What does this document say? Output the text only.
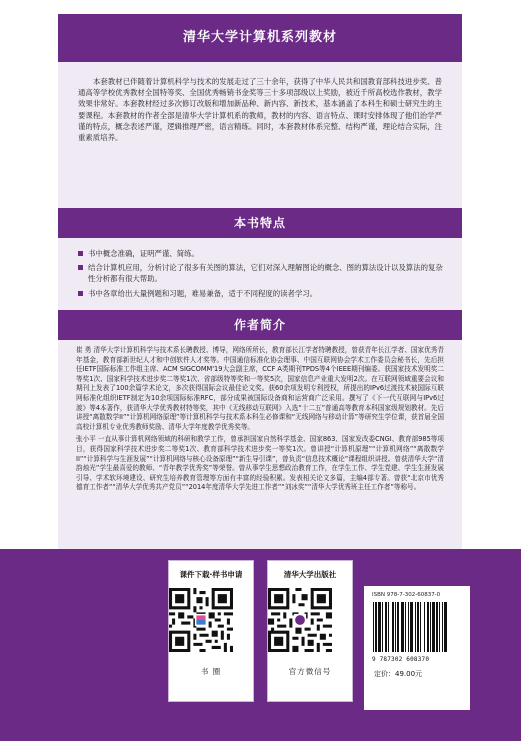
清华大学计算机系列教材
本套教材已伴随着计算机科学与技术的发展走过了三十余年，获得了中华人民共和国教育部科技进步奖、普通高等学校优秀教材全国特等奖、全国优秀畅销书金奖等三十多项部级以上奖励，被近千所高校选作教材，教学效果非常好。本套教材经过多次修订改版和增加新品种、新内容、新技术，基本涵盖了本科生和硕士研究生的主要课程。本套教材的作者全部是清华大学计算机系的教师，教材的内容、语言特点、课时安排体现了他们治学严谨的特点，概念表述严谨，逻辑推理严密，语言精练。同时，本套教材体系完整、结构严谨，理论结合实际，注重素质培养。
本书特点
书中概念准确，证明严谨、简练。
结合计算机应用，分析讨论了很多有关图的算法，它们对深入理解图论的概念、图的算法设计以及算法的复杂性分析都有很大帮助。
书中各章给出大量例题和习题，难易兼备，适于不同程度的读者学习。
作者简介
崔 勇 清华大学计算机科学与技术系长聘教授、博导，网络所所长，教育部长江学者特聘教授，曾获青年长江学者、国家优秀青年基金，教育部新世纪人才和中创软件人才奖等。中国通信标准化协会理事、中国互联网协会学术工作委员会秘书长，先后担任IETF国际标准工作组主席、ACM SIGCOMM'19大会副主席，CCF A类期刊TPDS等4个IEEE期刊编委。获国家技术发明奖二等奖1次、国家科学技术进步奖二等奖1次、省部级特等奖和一等奖5次，国家信息产业重大发明2次。在互联网领域重要会议和期刊上发表了100余篇学术论文，多次获得国际会议最佳论文奖。获60余项发明专利授权，所提出的IPv6过渡技术被国际互联网标准化组织IETF制定为10余项国际标准RFC，部分成果被国际设备商和运营商广泛采用。撰写了《下一代互联网与IPv6过渡》等4本著作，获清华大学优秀教材特等奖，其中《无线移动互联网》入选“十二五”普通高等教育本科国家级规划教材。先后讲授“离散数学II”“计算机网络原理”等计算机科学与技术系本科生必修课和“无线网络与移动计算”等研究生学位课，获首届全国高校计算机专业优秀教师奖励、清华大学年度教学优秀奖等。
张小平 一直从事计算机网络领域的科研和教学工作，曾承担国家自然科学基金、国家863、国家发改委CNGI、教育部985等项目，获得国家科学技术进步奖二等奖1次、教育部科学技术进步奖一等奖1次。曾讲授“计算机原理”“计算机网络”“离散数学II”“计算科学与生涯发展”“计算机网络与核心设备原理”“新生导引课”，曾负责“信息技术概论”课程组织讲授。曾获清华大学“清韵烛光”学生最喜爱的教师、“青年教学优秀奖”等荣誉。曾从事学生思想政治教育工作，在学生工作、学生党建、学生生涯发展引导、学术软环境建设、研究生培养教育管理等方面有丰富的经验积累。发表相关论文多篇，主编4部专著。曾获“北京市优秀德育工作者”“清华大学优秀共产党员”“2014年度清华大学先进工作者”“刘冰奖”“清华大学优秀班主任工作者”等称号。
课件下载·样书申请
书 圈
清华大学出版社
官方微信号
ISBN 978-7-302-60837-0
9 787302 608370
定价：49.00元
